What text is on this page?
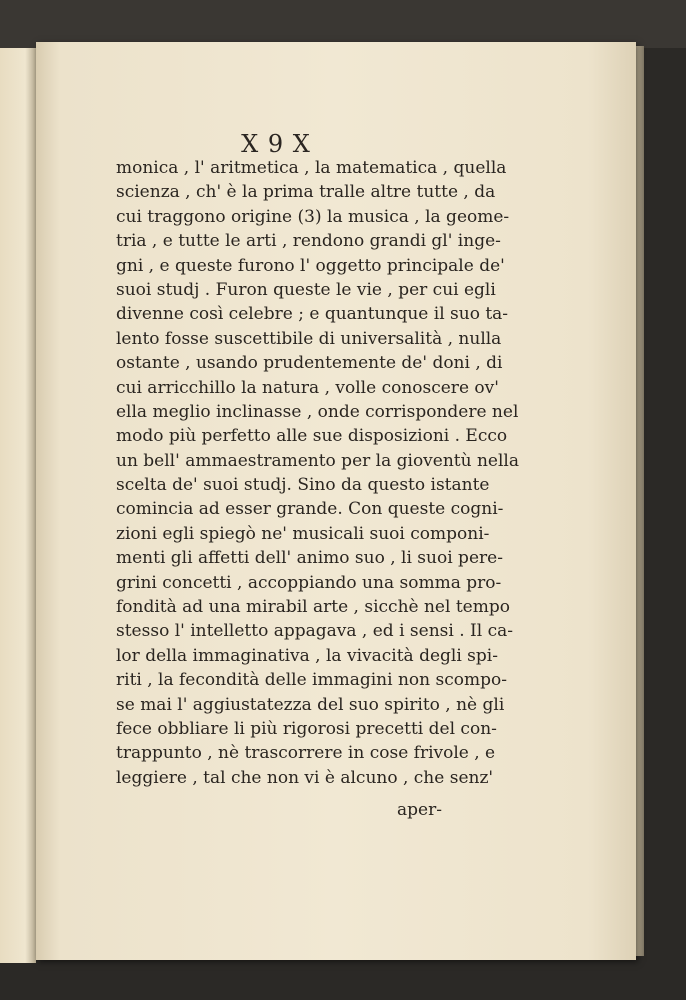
X 9 X
monica , l' aritmetica , la matematica , quella
scienza , ch' è la prima tralle altre tutte , da
cui traggono origine (3) la musica , la geome-
tria , e tutte le arti , rendono grandi gl' inge-
gni , e queste furono l' oggetto principale de'
suoi studj . Furon queste le vie , per cui egli
divenne così celebre ; e quantunque il suo ta-
lento fosse suscettibile di universalità , nulla
ostante , usando prudentemente de' doni , di
cui arricchillo la natura , volle conoscere ov'
ella meglio inclinasse , onde corrispondere nel
modo più perfetto alle sue disposizioni . Ecco
un bell' ammaestramento per la gioventù nella
scelta de' suoi studj. Sino da questo istante
comincia ad esser grande. Con queste cogni-
zioni egli spiegò ne' musicali suoi componi-
menti gli affetti dell' animo suo , li suoi pere-
grini concetti , accoppiando una somma pro-
fondità ad una mirabil arte , sicchè nel tempo
stesso l' intelletto appagava , ed i sensi . Il ca-
lor della immaginativa , la vivacità degli spi-
riti , la fecondità delle immagini non scompo-
se mai l' aggiustatezza del suo spirito , nè gli
fece obbliare li più rigorosi precetti del con-
trappunto , nè trascorrere in cose frivole , e
leggiere , tal che non vi è alcuno , che senz'
aper-
